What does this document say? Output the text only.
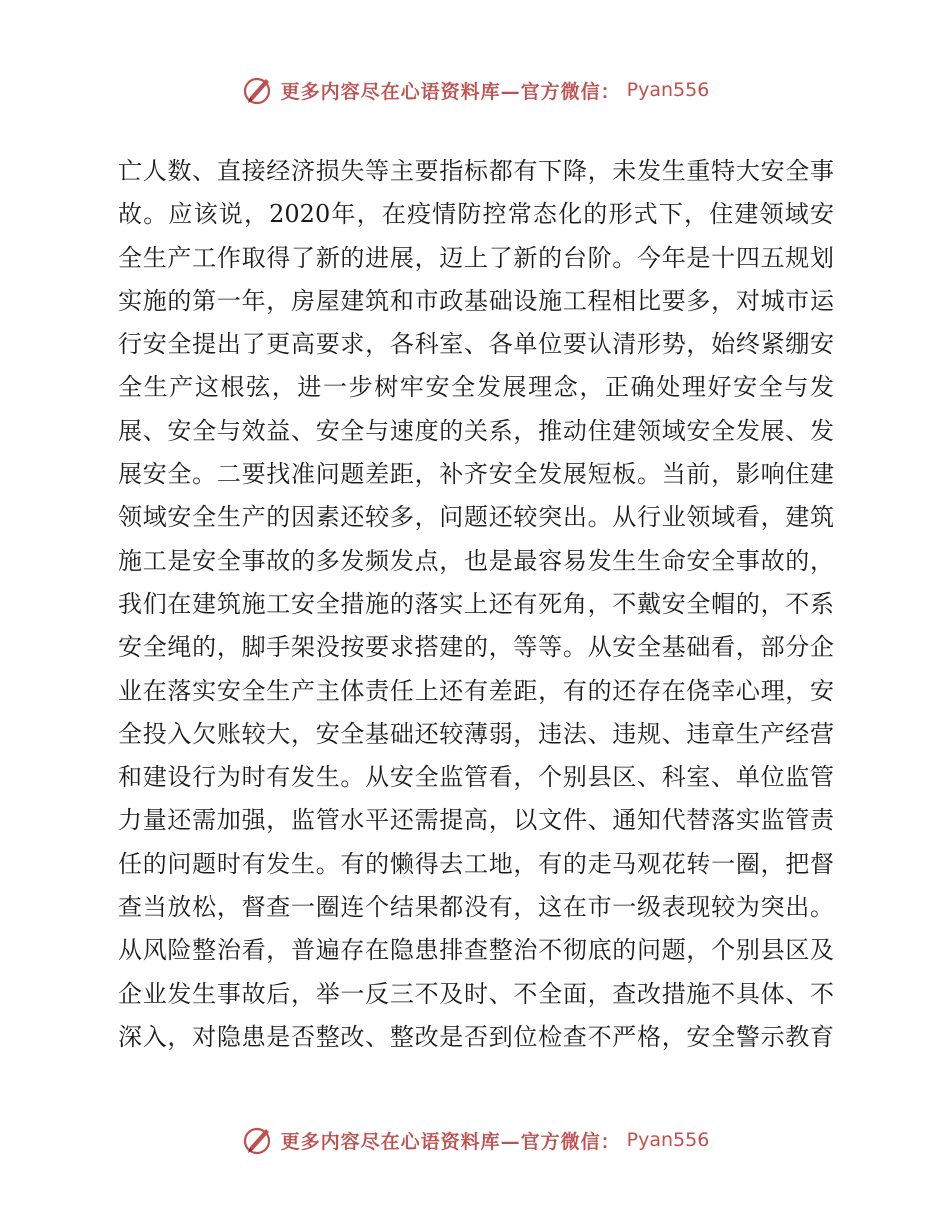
更多内容尽在心语资料库—官方微信： Pyan556
亡人数、直接经济损失等主要指标都有下降，未发生重特大安全事
故。应该说，2020年，在疫情防控常态化的形式下，住建领域安
全生产工作取得了新的进展，迈上了新的台阶。今年是十四五规划
实施的第一年，房屋建筑和市政基础设施工程相比要多，对城市运
行安全提出了更高要求，各科室、各单位要认清形势，始终紧绷安
全生产这根弦，进一步树牢安全发展理念，正确处理好安全与发
展、安全与效益、安全与速度的关系，推动住建领域安全发展、发
展安全。二要找准问题差距，补齐安全发展短板。当前，影响住建
领域安全生产的因素还较多，问题还较突出。从行业领域看，建筑
施工是安全事故的多发频发点，也是最容易发生生命安全事故的，
我们在建筑施工安全措施的落实上还有死角，不戴安全帽的，不系
安全绳的，脚手架没按要求搭建的，等等。从安全基础看，部分企
业在落实安全生产主体责任上还有差距，有的还存在侥幸心理，安
全投入欠账较大，安全基础还较薄弱，违法、违规、违章生产经营
和建设行为时有发生。从安全监管看，个别县区、科室、单位监管
力量还需加强，监管水平还需提高，以文件、通知代替落实监管责
任的问题时有发生。有的懒得去工地，有的走马观花转一圈，把督
查当放松，督查一圈连个结果都没有，这在市一级表现较为突出。
从风险整治看，普遍存在隐患排查整治不彻底的问题，个别县区及
企业发生事故后，举一反三不及时、不全面，查改措施不具体、不
深入，对隐患是否整改、整改是否到位检查不严格，安全警示教育
更多内容尽在心语资料库—官方微信： Pyan556
